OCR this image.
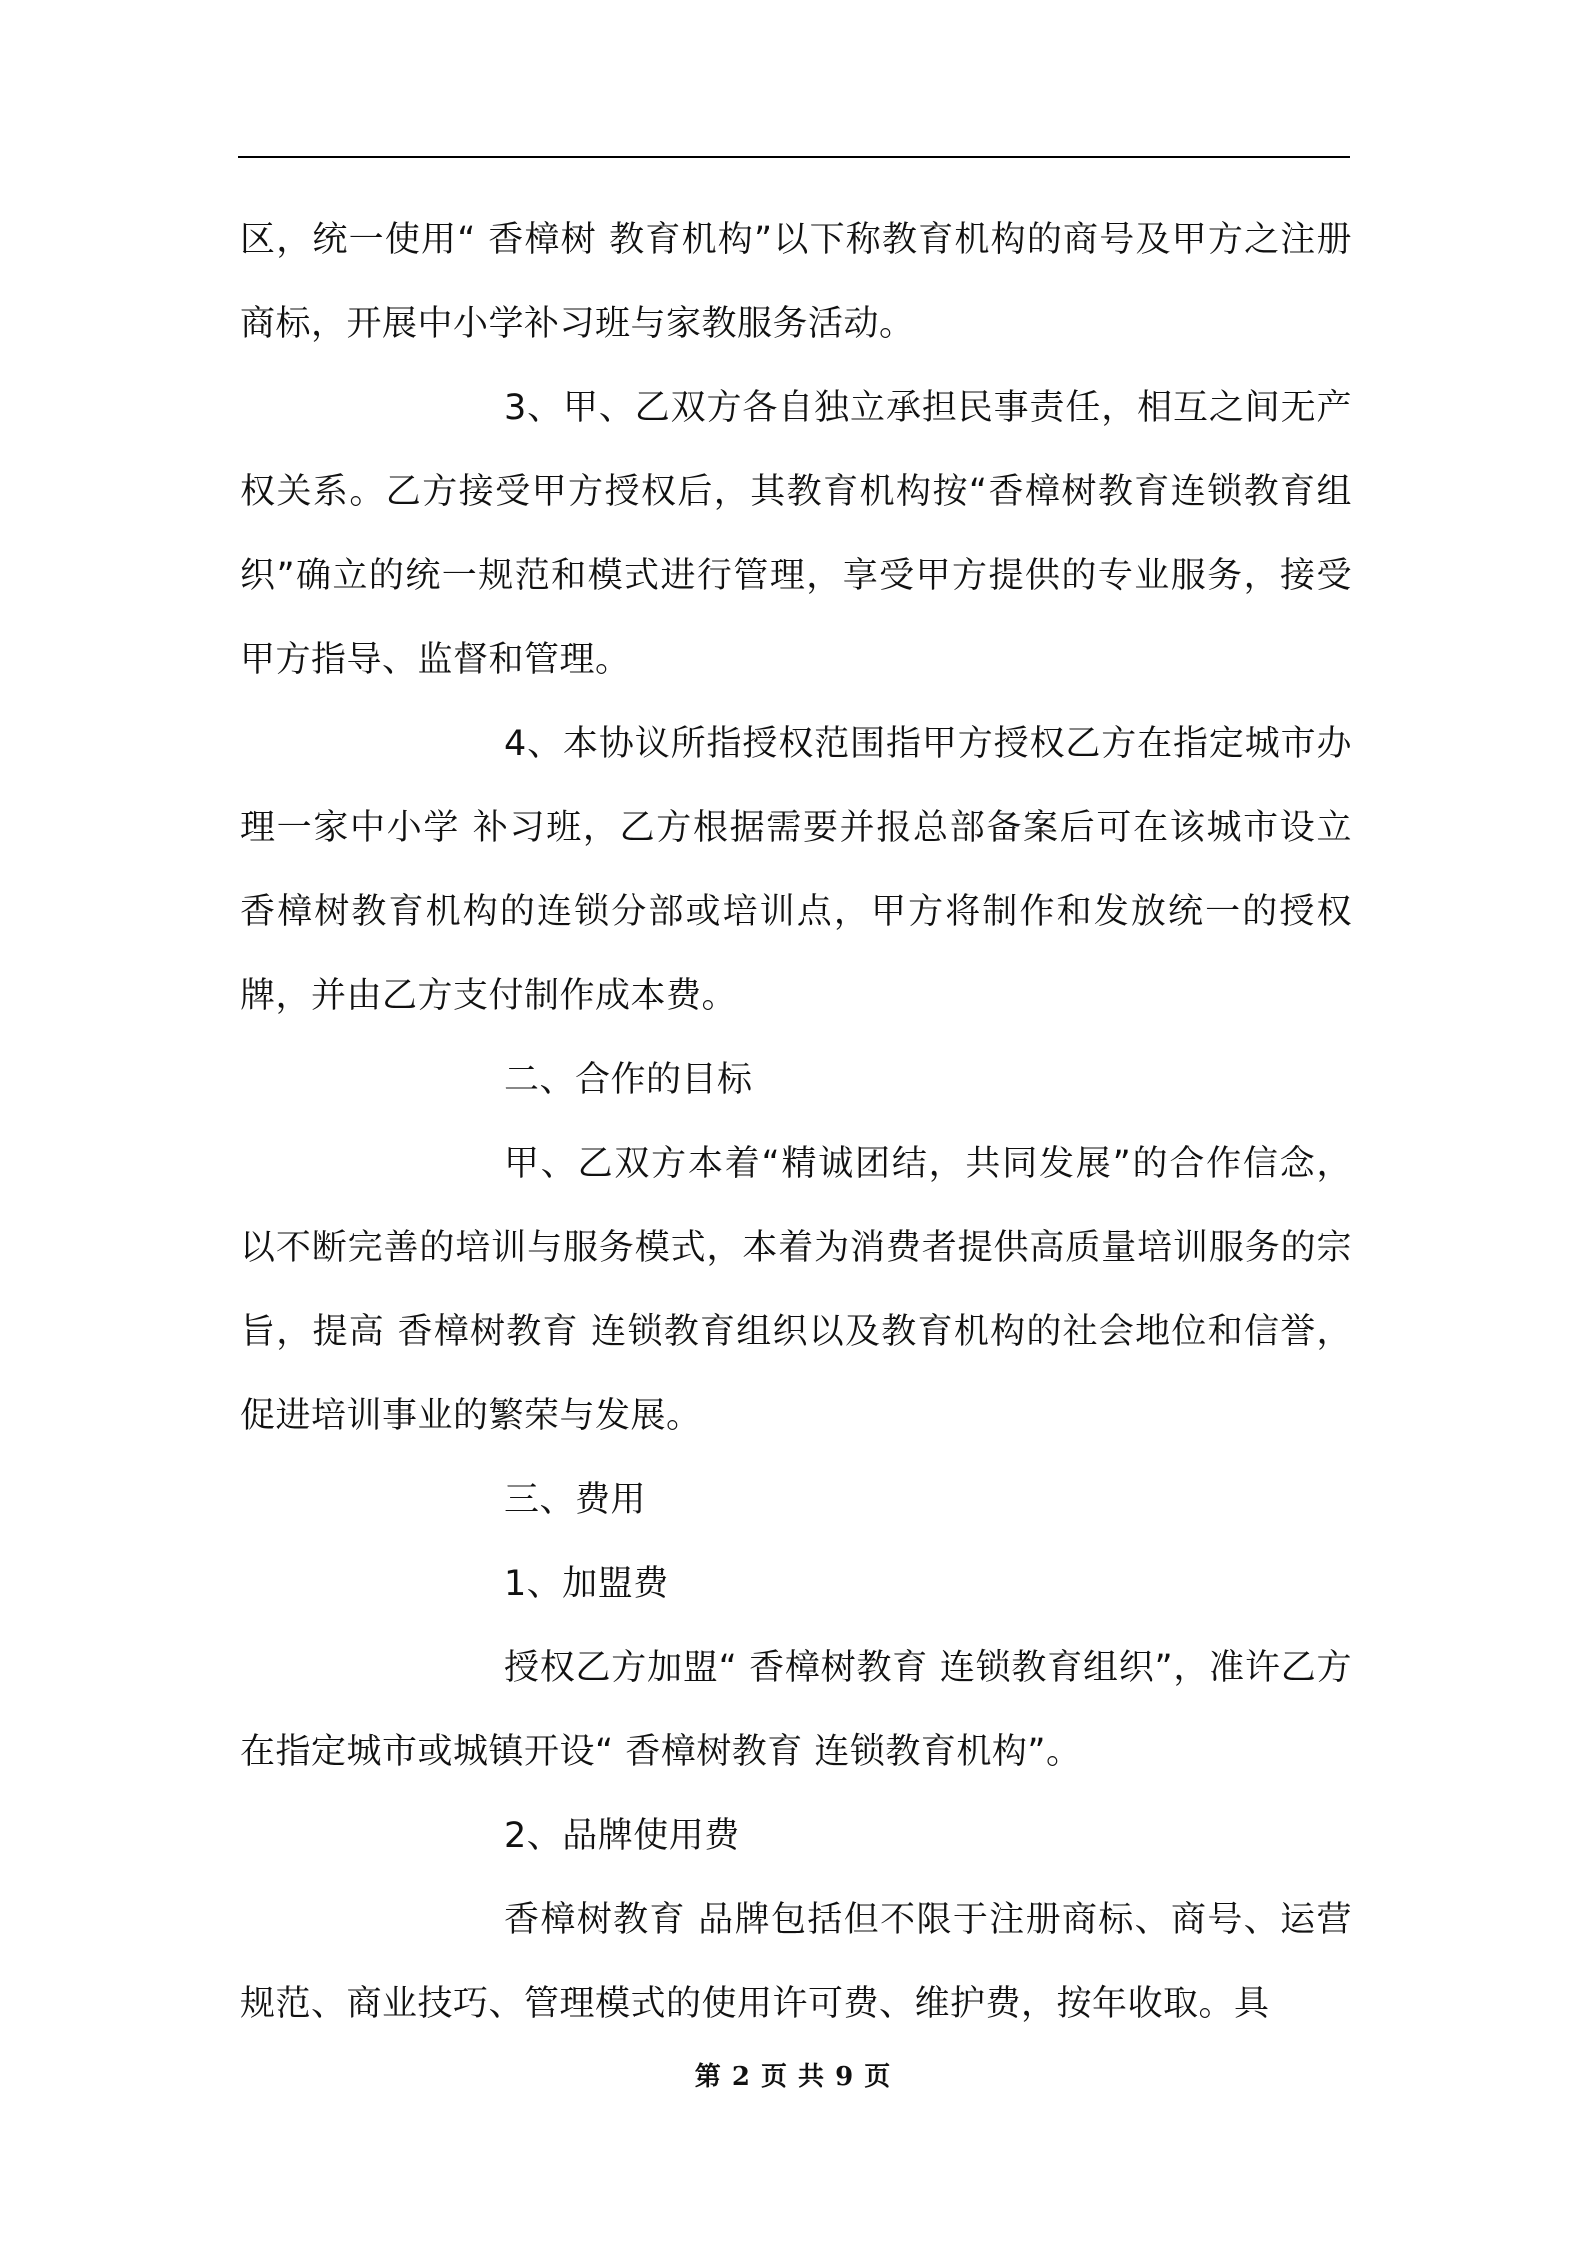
区，统一使用“ 香樟树 教育机构”以下称教育机构的商号及甲方之注册商标，开展中小学补习班与家教服务活动。

3、甲、乙双方各自独立承担民事责任，相互之间无产权关系。乙方接受甲方授权后，其教育机构按“香樟树教育连锁教育组织”确立的统一规范和模式进行管理，享受甲方提供的专业服务，接受甲方指导、监督和管理。

4、本协议所指授权范围指甲方授权乙方在指定城市办理一家中小学 补习班，乙方根据需要并报总部备案后可在该城市设立香樟树教育机构的连锁分部或培训点，甲方将制作和发放统一的授权牌，并由乙方支付制作成本费。

二、合作的目标

甲、乙双方本着“精诚团结，共同发展”的合作信念，以不断完善的培训与服务模式，本着为消费者提供高质量培训服务的宗旨，提高 香樟树教育 连锁教育组织以及教育机构的社会地位和信誉，促进培训事业的繁荣与发展。

三、费用

1、加盟费

授权乙方加盟“ 香樟树教育 连锁教育组织”，准许乙方在指定城市或城镇开设“ 香樟树教育 连锁教育机构”。

2、品牌使用费

香樟树教育 品牌包括但不限于注册商标、商号、运营规范、商业技巧、管理模式的使用许可费、维护费，按年收取。具

第 2 页 共 9 页
